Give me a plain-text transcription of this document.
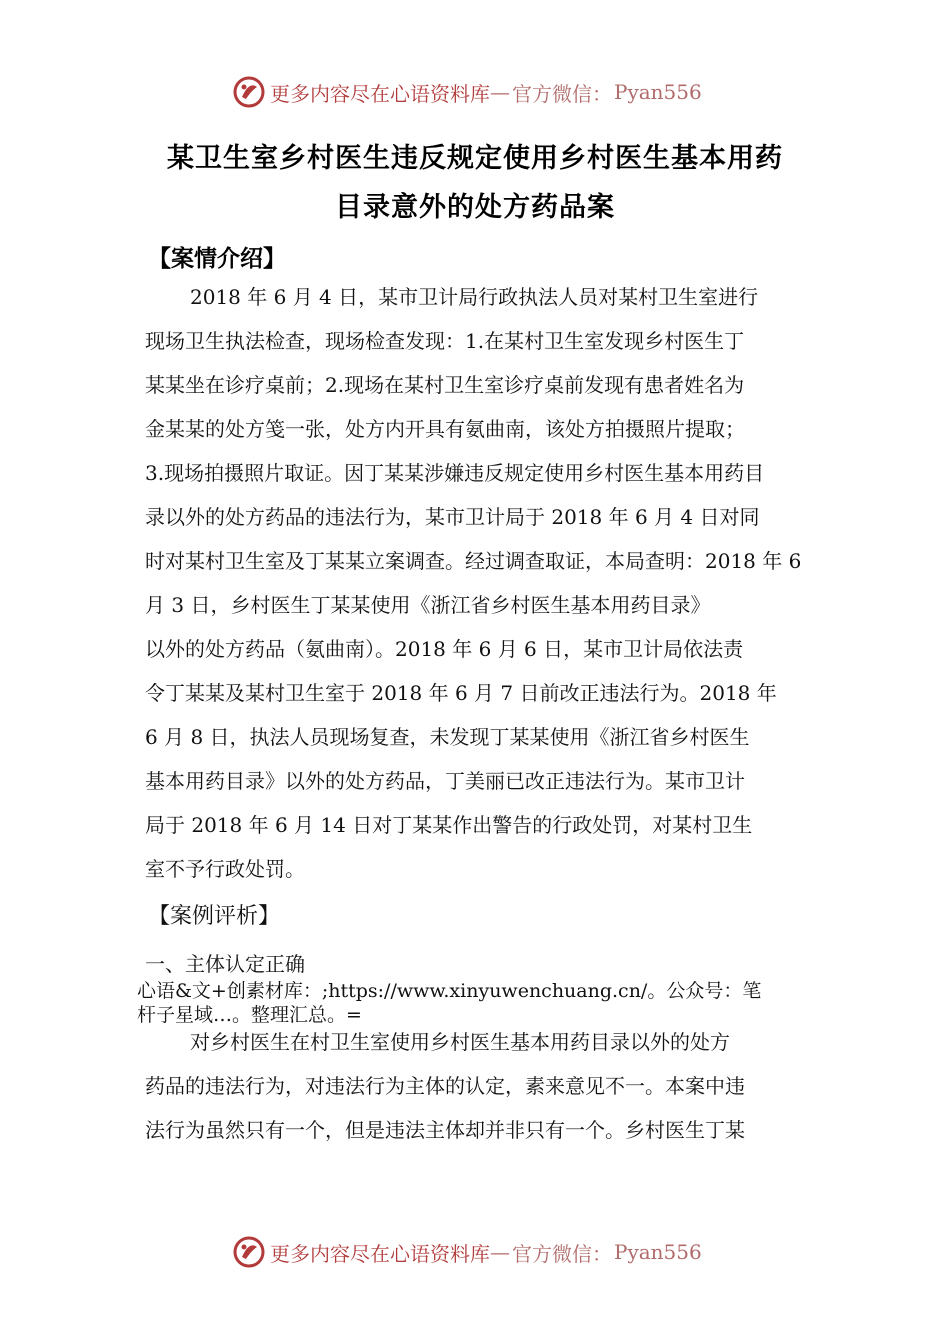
更多内容尽在心语资料库 — 官方微信： Pyan556
某卫生室乡村医生违反规定使用乡村医生基本用药
目录意外的处方药品案
【案情介绍】
2018 年 6 月 4 日，某市卫计局行政执法人员对某村卫生室进行
现场卫生执法检查，现场检查发现：1.在某村卫生室发现乡村医生丁
某某坐在诊疗桌前；2.现场在某村卫生室诊疗桌前发现有患者姓名为
金某某的处方笺一张，处方内开具有氨曲南，该处方拍摄照片提取；
3.现场拍摄照片取证。因丁某某涉嫌违反规定使用乡村医生基本用药目
录以外的处方药品的违法行为，某市卫计局于 2018 年 6 月 4 日对同
时对某村卫生室及丁某某立案调查。经过调查取证，本局查明：2018 年 6
月 3 日，乡村医生丁某某使用《浙江省乡村医生基本用药目录》
以外的处方药品（氨曲南）。2018 年 6 月 6 日，某市卫计局依法责
令丁某某及某村卫生室于 2018 年 6 月 7 日前改正违法行为。2018 年
6 月 8 日，执法人员现场复查，未发现丁某某使用《浙江省乡村医生
基本用药目录》以外的处方药品，丁美丽已改正违法行为。某市卫计
局于 2018 年 6 月 14 日对丁某某作出警告的行政处罚，对某村卫生
室不予行政处罚。
【案例评析】
一、主体认定正确
心语&文+创素材库：;https://www.xinyuwenchuang.cn/。公众号：笔
杆子星域…。整理汇总。=
对乡村医生在村卫生室使用乡村医生基本用药目录以外的处方
药品的违法行为，对违法行为主体的认定，素来意见不一。本案中违
法行为虽然只有一个，但是违法主体却并非只有一个。乡村医生丁某
更多内容尽在心语资料库 — 官方微信： Pyan556
